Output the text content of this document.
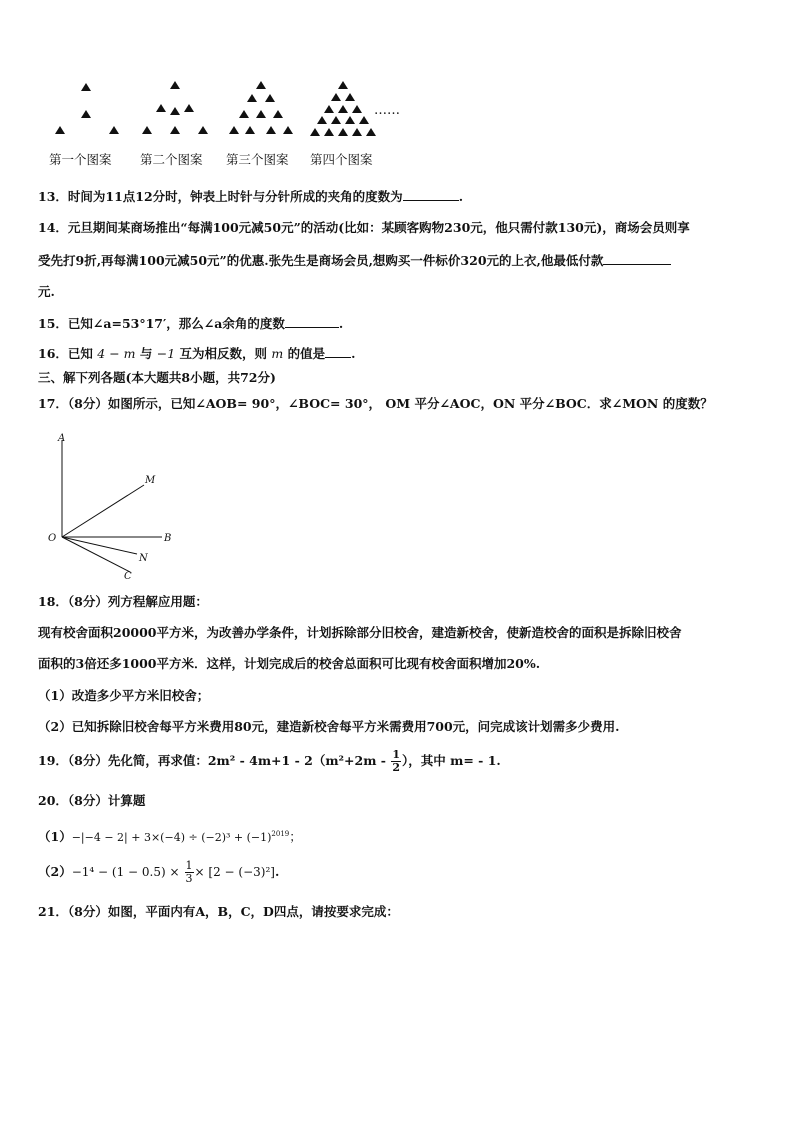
……
第一个图案 第二个图案 第三个图案 第四个图案
13．时间为11点12分时，钟表上时针与分针所成的夹角的度数为	.
14．元旦期间某商场推出“每满100元减50元”的活动(比如：某顾客购物230元，他只需付款130元)，商场会员则享
受先打9折,再每满100元减50元”的优惠.张先生是商场会员,想购买一件标价320元的上衣,他最低付款
元.
15．已知∠a=53°17′，那么∠a余角的度数	.
16．已知 4 − m 与 −1 互为相反数，则 m 的值是 .
三、解下列各题(本大题共8小题，共72分)
17．（8分）如图所示，已知∠AOB= 90°，∠BOC= 30°， OM 平分∠AOC，ON 平分∠BOC．求∠MON 的度数？
A
M
O	B
N
C
18．（8分）列方程解应用题：
现有校舍面积20000平方米，为改善办学条件，计划拆除部分旧校舍，建造新校舍，使新造校舍的面积是拆除旧校舍
面积的3倍还多1000平方米．这样，计划完成后的校舍总面积可比现有校舍面积增加20%.
（1）改造多少平方米旧校舍；
（2）已知拆除旧校舍每平方米费用80元，建造新校舍每平方米需费用700元，问完成该计划需多少费用.
19．（8分）先化简，再求值：$2m^2 - 4m+1 - 2(m^2+2m - \frac{1}{2}$ ），其中 m= - 1.
20．（8分）计算题
$(1)-|-4 - 2| + 3\times(-4) \div (-2)^3 + (-1)^{2019}$；
$(2)-1^4 - (1 - 0.5) \times \frac{1}{3} \times [2 - (-3)^2]$.
21．（8分）如图，平面内有A，B，C，D四点，请按要求完成：
